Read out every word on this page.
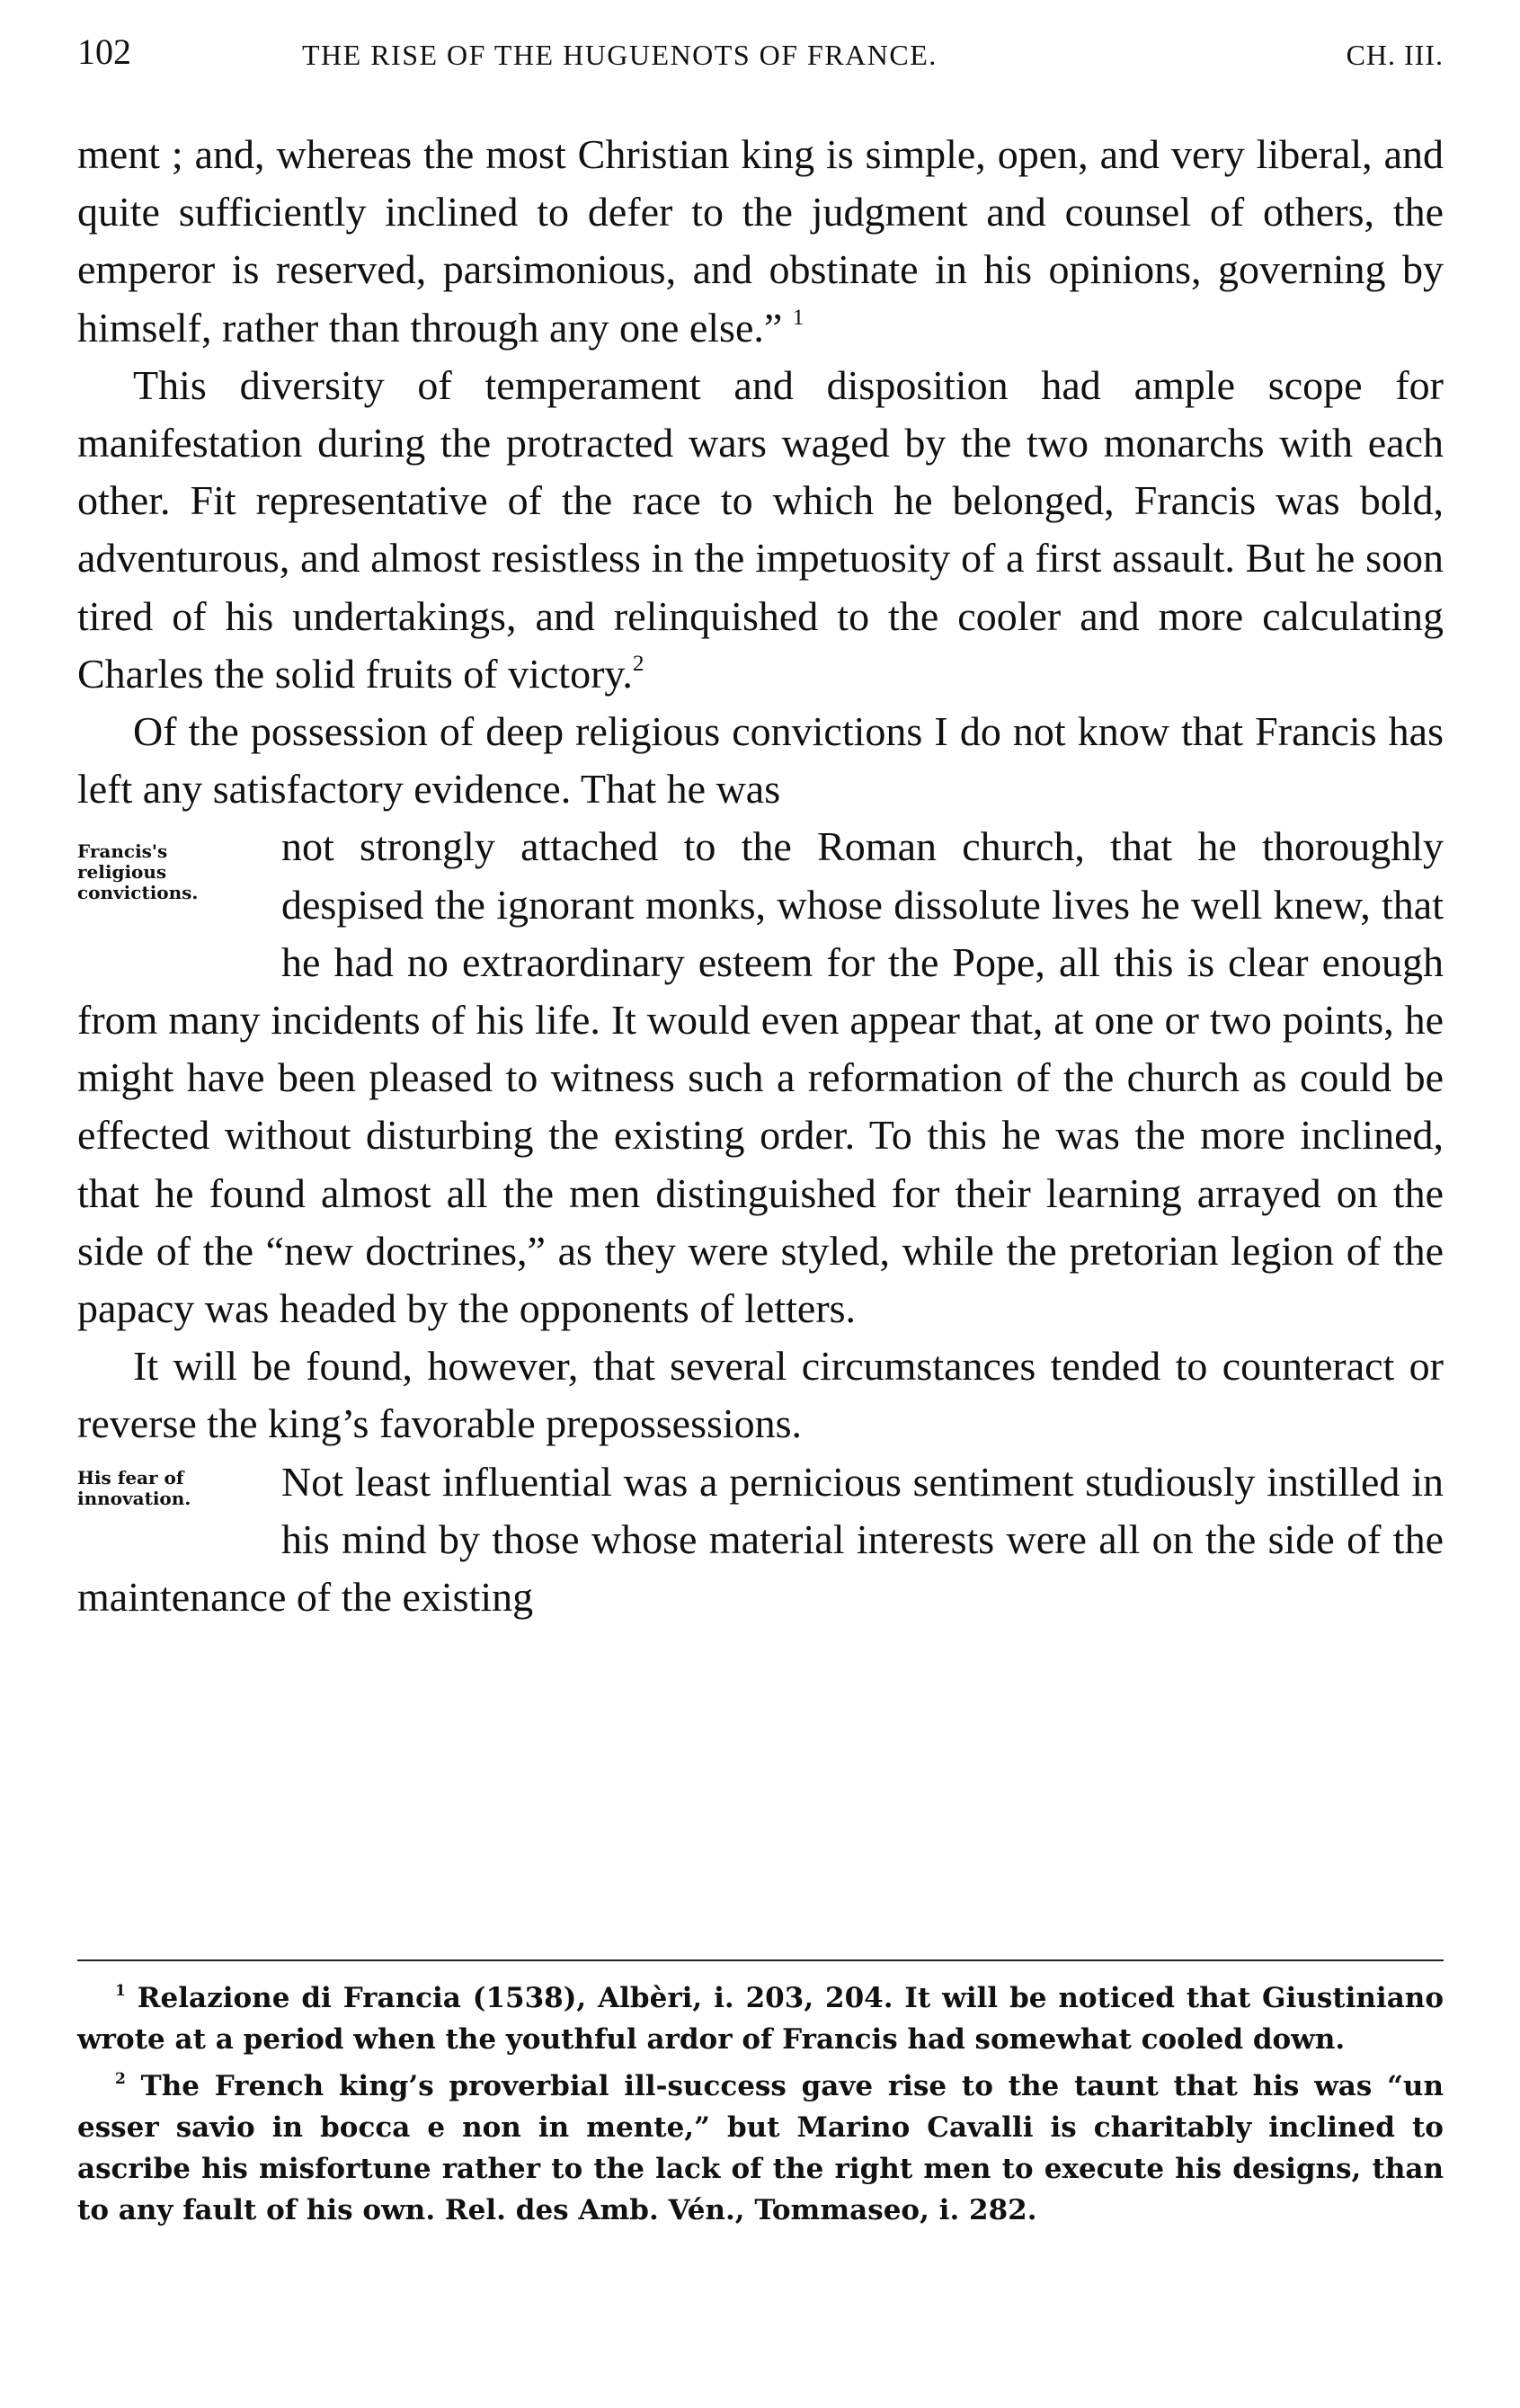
102	THE RISE OF THE HUGUENOTS OF FRANCE.	CH. III.

ment ; and, whereas the most Christian king is simple, open, and very liberal, and quite sufficiently inclined to defer to the judgment and counsel of others, the emperor is reserved, parsimonious, and obstinate in his opinions, governing by himself, rather than through any one else.” $^1$

This diversity of temperament and disposition had ample scope for manifestation during the protracted wars waged by the two monarchs with each other. Fit representative of the race to which he belonged, Francis was bold, adventurous, and almost resistless in the impetuosity of a first assault. But he soon tired of his undertakings, and relinquished to the cooler and more calculating Charles the solid fruits of victory.$^2$

Of the possession of deep religious convictions I do not know that Francis has left any satisfactory evidence. That he was

Francis's religious convictions.
not strongly attached to the Roman church, that he thoroughly despised the ignorant monks, whose dissolute lives he well knew, that he had no extraordinary esteem for the Pope, all this is clear enough from many incidents of his life. It would even appear that, at one or two points, he might have been pleased to witness such a reformation of the church as could be effected without disturbing the existing order. To this he was the more inclined, that he found almost all the men distinguished for their learning arrayed on the side of the “new doctrines,” as they were styled, while the pretorian legion of the papacy was headed by the opponents of letters.

It will be found, however, that several circumstances tended to counteract or reverse the king’s favorable prepossessions.

His fear of innovation.	Not least influential was a pernicious sentiment studiously instilled in his mind by those whose material interests were all on the side of the maintenance of the existing

$^1$ Relazione di Francia (1538), Albèri, i. 203, 204. It will be noticed that Giustiniano wrote at a period when the youthful ardor of Francis had somewhat cooled down.

$^2$ The French king’s proverbial ill-success gave rise to the taunt that his was “un esser savio in bocca e non in mente,” but Marino Cavalli is charitably inclined to ascribe his misfortune rather to the lack of the right men to execute his designs, than to any fault of his own. Rel. des Amb. Vén., Tommaseo, i. 282.
